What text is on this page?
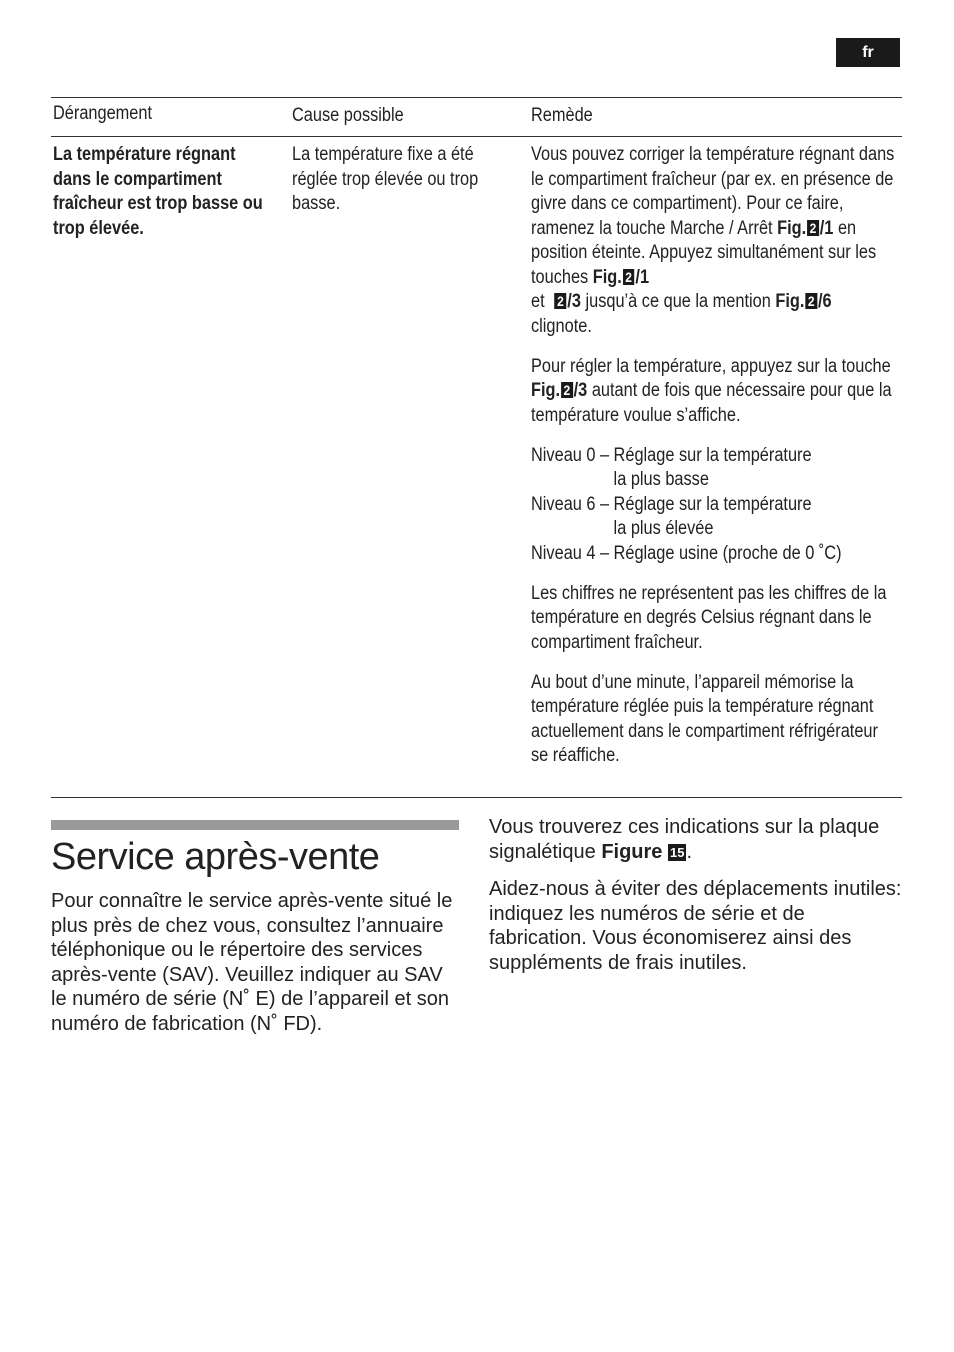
fr
Dérangement	Cause possible	Remède
La température régnant dans le compartiment fraîcheur est trop basse ou trop élevée.
La température fixe a été réglée trop élevée ou trop basse.

Vous pouvez corriger la température régnant dans le compartiment fraîcheur (par ex. en présence de givre dans ce compartiment). Pour ce faire, ramenez la touche Marche / Arrêt Fig. 2 /1 en position éteinte. Appuyez simultanément sur les touches Fig. 2 /1
et 2 /3 jusqu’à ce que la mention Fig. 2 /6 clignote.

Pour régler la température, appuyez sur la touche Fig. 2 /3 autant de fois que nécessaire pour que la température voulue s’affiche.

Niveau 0 – Réglage sur la température la plus basse
Niveau 6 – Réglage sur la température la plus élevée
Niveau 4 – Réglage usine (proche de 0 ˚C)

Les chiffres ne représentent pas les chiffres de la température en degrés Celsius régnant dans le compartiment fraîcheur.

Au bout d’une minute, l’appareil mémorise la température réglée puis la température régnant actuellement dans le compartiment réfrigérateur se réaffiche.

Service après-vente
Pour connaître le service après-vente situé le plus près de chez vous, consultez l’annuaire téléphonique ou le répertoire des services après-vente (SAV). Veuillez indiquer au SAV le numéro de série (N˚ E) de l’appareil et son numéro de fabrication (N˚ FD).

Vous trouverez ces indications sur la plaque signalétique Figure 15 .

Aidez-nous à éviter des déplacements inutiles: indiquez les numéros de série et de fabrication. Vous économiserez ainsi des suppléments de frais inutiles.
